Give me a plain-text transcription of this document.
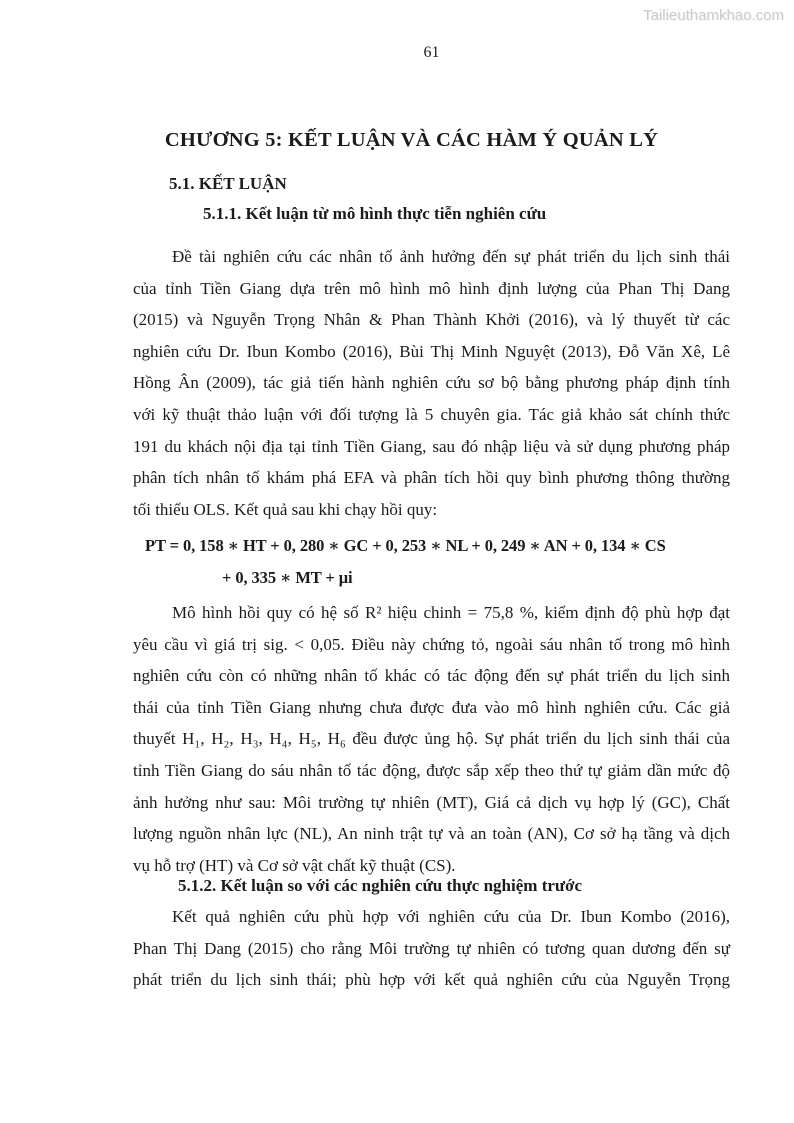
Tailieuthamkhao.com
61
CHƯƠNG 5: KẾT LUẬN VÀ CÁC HÀM Ý QUẢN LÝ
5.1. KẾT LUẬN
5.1.1. Kết luận từ mô hình thực tiễn nghiên cứu
Đề tài nghiên cứu các nhân tố ảnh hưởng đến sự phát triển du lịch sinh thái
của tỉnh Tiền Giang dựa trên mô hình mô hình định lượng của Phan Thị Dang
(2015) và Nguyễn Trọng Nhân & Phan Thành Khởi (2016), và lý thuyết từ các
nghiên cứu Dr. Ibun Kombo (2016), Bùi Thị Minh Nguyệt (2013), Đỗ Văn Xê, Lê
Hồng Ân (2009), tác giả tiến hành nghiên cứu sơ bộ bằng phương pháp định tính
với kỹ thuật thảo luận với đối tượng là 5 chuyên gia. Tác giả khảo sát chính thức
191 du khách nội địa tại tỉnh Tiền Giang, sau đó nhập liệu và sử dụng phương pháp
phân tích nhân tố khám phá EFA và phân tích hồi quy bình phương thông thường
tối thiểu OLS. Kết quả sau khi chạy hồi quy:
PT = 0, 158 ∗ HT + 0, 280 ∗ GC + 0, 253 ∗ NL + 0, 249 ∗ AN + 0, 134 ∗ CS
+ 0, 335 ∗ MT + μi
Mô hình hồi quy có hệ số R² hiệu chinh = 75,8 %, kiểm định độ phù hợp đạt
yêu cầu vì giá trị sig. < 0,05. Điều này chứng tỏ, ngoài sáu nhân tố trong mô hình
nghiên cứu còn có những nhân tố khác có tác động đến sự phát triển du lịch sinh
thái của tỉnh Tiền Giang nhưng chưa được đưa vào mô hình nghiên cứu. Các giả
thuyết H₁, H₂, H₃, H₄, H₅, H₆ đều được ủng hộ. Sự phát triển du lịch sinh thái của
tỉnh Tiền Giang do sáu nhân tố tác động, được sắp xếp theo thứ tự giảm dần mức độ
ảnh hưởng như sau: Môi trường tự nhiên (MT), Giá cả dịch vụ hợp lý (GC), Chất
lượng nguồn nhân lực (NL), An ninh trật tự và an toàn (AN), Cơ sở hạ tầng và dịch
vụ hỗ trợ (HT) và Cơ sở vật chất kỹ thuật (CS).
5.1.2. Kết luận so với các nghiên cứu thực nghiệm trước
Kết quả nghiên cứu phù hợp với nghiên cứu của Dr. Ibun Kombo (2016),
Phan Thị Dang (2015) cho rằng Môi trường tự nhiên có tương quan dương đến sự
phát triển du lịch sinh thái; phù hợp với kết quả nghiên cứu của Nguyễn Trọng
